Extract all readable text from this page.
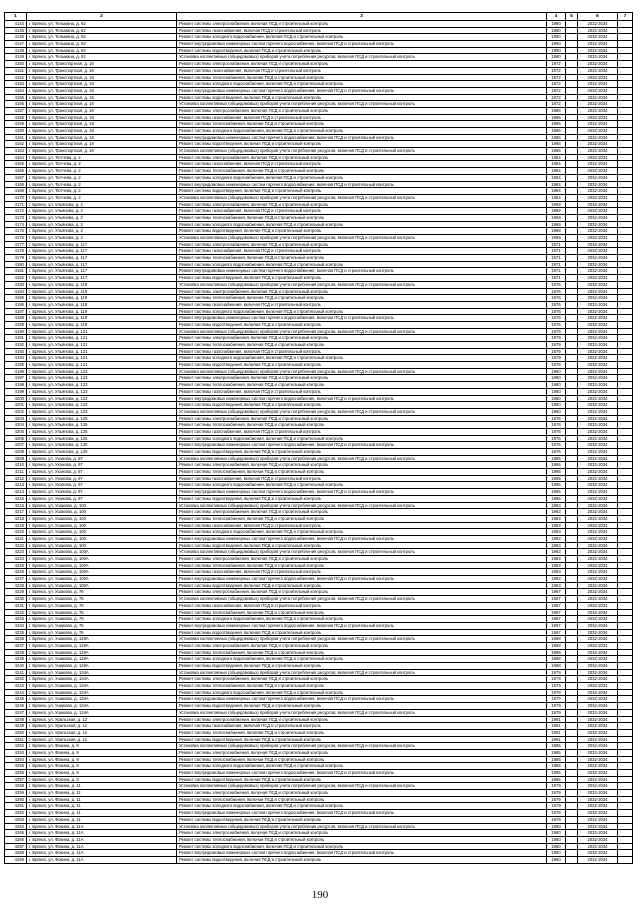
1	2	3	4	5	6	7
4144	г. Брянск, ул. Тельмана, д. 92	Ремонт системы электроснабжения, включая ПСД и строительный контроль	1990		2032-2034	
4145	г. Брянск, ул. Тельмана, д. 92	Ремонт системы газоснабжения, включая ПСД и строительный контроль	1990		2032-2034	
4146	г. Брянск, ул. Тельмана, д. 92	Ремонт системы холодного водоснабжения, включая ПСД и строительный контроль	1990		2032-2034	
4147	г. Брянск, ул. Тельмана, д. 92	Ремонт внутридомовых инженерных систем горячего водоснабжения, включая ПСД и строительный контроль	1990		2032-2034	
4148	г. Брянск, ул. Тельмана, д. 92	Ремонт системы водоотведения, включая ПСД и строительный контроль	1990		2032-2034	
4149	г. Брянск, ул. Тельмана, д. 92	Установка коллективных (общедомовых) приборов учета потребления ресурсов, включая ПСД и строительный контроль	1990		2032-2034	
4150	г. Брянск, ул. Транспортная, д. 16	Ремонт системы электроснабжения, включая ПСД и строительный контроль	1972		2032-2034	
4151	г. Брянск, ул. Транспортная, д. 16	Ремонт системы газоснабжения, включая ПСД и строительный контроль	1972		2032-2034	
4152	г. Брянск, ул. Транспортная, д. 16	Ремонт системы теплоснабжения, включая ПСД и строительный контроль	1972		2032-2034	
4153	г. Брянск, ул. Транспортная, д. 16	Ремонт системы холодного водоснабжения, включая ПСД и строительный контроль	1972		2032-2034	
4154	г. Брянск, ул. Транспортная, д. 16	Ремонт внутридомовых инженерных систем горячего водоснабжения, включая ПСД и строительный контроль	1972		2032-2034	
4155	г. Брянск, ул. Транспортная, д. 16	Ремонт системы водоотведения, включая ПСД и строительный контроль	1972		2032-2034	
4156	г. Брянск, ул. Транспортная, д. 16	Установка коллективных (общедомовых) приборов учета потребления ресурсов, включая ПСД и строительный контроль	1972		2032-2034	
4157	г. Брянск, ул. Транспортная, д. 18	Ремонт системы электроснабжения, включая ПСД и строительный контроль	1986		2032-2034	
4158	г. Брянск, ул. Транспортная, д. 18	Ремонт системы газоснабжения, включая ПСД и строительный контроль	1986		2032-2034	
4159	г. Брянск, ул. Транспортная, д. 18	Ремонт системы теплоснабжения, включая ПСД и строительный контроль	1986		2032-2034	
4160	г. Брянск, ул. Транспортная, д. 18	Ремонт системы холодного водоснабжения, включая ПСД и строительный контроль	1986		2032-2034	
4161	г. Брянск, ул. Транспортная, д. 18	Ремонт внутридомовых инженерных систем горячего водоснабжения, включая ПСД и строительный контроль	1986		2032-2034	
4162	г. Брянск, ул. Транспортная, д. 18	Ремонт системы водоотведения, включая ПСД и строительный контроль	1986		2032-2034	
4163	г. Брянск, ул. Транспортная, д. 18	Установка коллективных (общедомовых) приборов учета потребления ресурсов, включая ПСД и строительный контроль	1986		2032-2034	
4164	г. Брянск, ул. Тютчева, д. 2	Ремонт системы электроснабжения, включая ПСД и строительный контроль	1984		2032-2034	
4165	г. Брянск, ул. Тютчева, д. 2	Ремонт системы газоснабжения, включая ПСД и строительный контроль	1984		2032-2034	
4166	г. Брянск, ул. Тютчева, д. 2	Ремонт системы теплоснабжения, включая ПСД и строительный контроль	1984		2032-2034	
4167	г. Брянск, ул. Тютчева, д. 2	Ремонт системы холодного водоснабжения, включая ПСД и строительный контроль	1984		2032-2034	
4168	г. Брянск, ул. Тютчева, д. 2	Ремонт внутридомовых инженерных систем горячего водоснабжения, включая ПСД и строительный контроль	1984		2032-2034	
4169	г. Брянск, ул. Тютчева, д. 2	Ремонт системы водоотведения, включая ПСД и строительный контроль	1984		2032-2034	
4170	г. Брянск, ул. Тютчева, д. 2	Установка коллективных (общедомовых) приборов учета потребления ресурсов, включая ПСД и строительный контроль	1984		2032-2034	
4171	г. Брянск, ул. Ульянова, д. 2	Ремонт системы электроснабжения, включая ПСД и строительный контроль	1969		2032-2034	
4172	г. Брянск, ул. Ульянова, д. 2	Ремонт системы газоснабжения, включая ПСД и строительный контроль	1969		2032-2034	
4173	г. Брянск, ул. Ульянова, д. 2	Ремонт системы теплоснабжения, включая ПСД и строительный контроль	1969		2032-2034	
4174	г. Брянск, ул. Ульянова, д. 2	Ремонт системы холодного водоснабжения, включая ПСД и строительный контроль	1969		2032-2034	
4175	г. Брянск, ул. Ульянова, д. 2	Ремонт системы водоотведения, включая ПСД и строительный контроль	1969		2032-2034	
4176	г. Брянск, ул. Ульянова, д. 2	Установка коллективных (общедомовых) приборов учета потребления ресурсов, включая ПСД и строительный контроль	1969		2032-2034	
4177	г. Брянск, ул. Ульянова, д. 117	Ремонт системы электроснабжения, включая ПСД и строительный контроль	1971		2032-2034	
4178	г. Брянск, ул. Ульянова, д. 117	Ремонт системы газоснабжения, включая ПСД и строительный контроль	1971		2032-2034	
4179	г. Брянск, ул. Ульянова, д. 117	Ремонт системы теплоснабжения, включая ПСД и строительный контроль	1971		2032-2034	
4180	г. Брянск, ул. Ульянова, д. 117	Ремонт системы холодного водоснабжения, включая ПСД и строительный контроль	1971		2032-2034	
4181	г. Брянск, ул. Ульянова, д. 117	Ремонт внутридомовых инженерных систем горячего водоснабжения, включая ПСД и строительный контроль	1971		2032-2034	
4182	г. Брянск, ул. Ульянова, д. 117	Ремонт системы водоотведения, включая ПСД и строительный контроль	1971		2032-2034	
4183	г. Брянск, ул. Ульянова, д. 119	Установка коллективных (общедомовых) приборов учета потребления ресурсов, включая ПСД и строительный контроль	1976		2032-2034	
4184	г. Брянск, ул. Ульянова, д. 119	Ремонт системы электроснабжения, включая ПСД и строительный контроль	1976		2032-2034	
4185	г. Брянск, ул. Ульянова, д. 119	Ремонт системы теплоснабжения, включая ПСД и строительный контроль	1976		2032-2034	
4186	г. Брянск, ул. Ульянова, д. 119	Ремонт системы газоснабжения, включая ПСД и строительный контроль	1976		2032-2034	
4187	г. Брянск, ул. Ульянова, д. 119	Ремонт системы холодного водоснабжения, включая ПСД и строительный контроль	1976		2032-2034	
4188	г. Брянск, ул. Ульянова, д. 119	Ремонт внутридомовых инженерных систем горячего водоснабжения, включая ПСД и строительный контроль	1976		2032-2034	
4189	г. Брянск, ул. Ульянова, д. 119	Ремонт системы водоотведения, включая ПСД и строительный контроль	1976		2032-2034	
4190	г. Брянск, ул. Ульянова, д. 121	Установка коллективных (общедомовых) приборов учета потребления ресурсов, включая ПСД и строительный контроль	1979		2032-2034	
4191	г. Брянск, ул. Ульянова, д. 121	Ремонт системы электроснабжения, включая ПСД и строительный контроль	1979		2032-2034	
4192	г. Брянск, ул. Ульянова, д. 121	Ремонт системы теплоснабжения, включая ПСД и строительный контроль	1979		2032-2034	
4193	г. Брянск, ул. Ульянова, д. 121	Ремонт системы газоснабжения, включая ПСД и строительный контроль	1979		2032-2034	
4194	г. Брянск, ул. Ульянова, д. 121	Ремонт системы холодного водоснабжения, включая ПСД и строительный контроль	1979		2032-2034	
4195	г. Брянск, ул. Ульянова, д. 121	Ремонт системы водоотведения, включая ПСД и строительный контроль	1979		2032-2034	
4196	г. Брянск, ул. Ульянова, д. 123	Установка коллективных (общедомовых) приборов учета потребления ресурсов, включая ПСД и строительный контроль	1980		2032-2034	
4197	г. Брянск, ул. Ульянова, д. 123	Ремонт системы электроснабжения, включая ПСД и строительный контроль	1980		2032-2034	
4198	г. Брянск, ул. Ульянова, д. 123	Ремонт системы теплоснабжения, включая ПСД и строительный контроль	1980		2032-2034	
4199	г. Брянск, ул. Ульянова, д. 123	Ремонт системы газоснабжения, включая ПСД и строительный контроль	1980		2032-2034	
4200	г. Брянск, ул. Ульянова, д. 123	Ремонт внутридомовых инженерных систем горячего водоснабжения, включая ПСД и строительный контроль	1980		2032-2034	
4201	г. Брянск, ул. Ульянова, д. 123	Ремонт системы водоотведения, включая ПСД и строительный контроль	1980		2032-2034	
4202	г. Брянск, ул. Ульянова, д. 123	Установка коллективных (общедомовых) приборов учета потребления ресурсов, включая ПСД и строительный контроль	1980		2032-2034	
4203	г. Брянск, ул. Ульянова, д. 125	Ремонт системы электроснабжения, включая ПСД и строительный контроль	1976		2032-2034	
4204	г. Брянск, ул. Ульянова, д. 125	Ремонт системы теплоснабжения, включая ПСД и строительный контроль	1976		2032-2034	
4205	г. Брянск, ул. Ульянова, д. 125	Ремонт системы газоснабжения, включая ПСД и строительный контроль	1976		2032-2034	
4206	г. Брянск, ул. Ульянова, д. 125	Ремонт системы холодного водоснабжения, включая ПСД и строительный контроль	1976		2032-2034	
4207	г. Брянск, ул. Ульянова, д. 125	Ремонт внутридомовых инженерных систем горячего водоснабжения, включая ПСД и строительный контроль	1976		2032-2034	
4208	г. Брянск, ул. Ульянова, д. 125	Ремонт системы водоотведения, включая ПСД и строительный контроль	1976		2032-2034	
4209	г. Брянск, ул. Уханова, д. 97	Установка коллективных (общедомовых) приборов учета потребления ресурсов, включая ПСД и строительный контроль	1995		2032-2034	
4210	г. Брянск, ул. Уханова, д. 97	Ремонт системы электроснабжения, включая ПСД и строительный контроль	1995		2032-2034	
4211	г. Брянск, ул. Уханова, д. 97	Ремонт системы теплоснабжения, включая ПСД и строительный контроль	1995		2032-2034	
4212	г. Брянск, ул. Уханова, д. 97	Ремонт системы газоснабжения, включая ПСД и строительный контроль	1995		2032-2034	
4213	г. Брянск, ул. Уханова, д. 97	Ремонт системы холодного водоснабжения, включая ПСД и строительный контроль	1995		2032-2034	
4214	г. Брянск, ул. Уханова, д. 97	Ремонт внутридомовых инженерных систем горячего водоснабжения, включая ПСД и строительный контроль	1995		2032-2034	
4215	г. Брянск, ул. Уханова, д. 97	Ремонт системы водоотведения, включая ПСД и строительный контроль	1995		2032-2034	
4216	г. Брянск, ул. Ушакова, д. 100	Установка коллективных (общедомовых) приборов учета потребления ресурсов, включая ПСД и строительный контроль	1983		2032-2034	
4217	г. Брянск, ул. Ушакова, д. 100	Ремонт системы электроснабжения, включая ПСД и строительный контроль	1983		2032-2034	
4218	г. Брянск, ул. Ушакова, д. 100	Ремонт системы теплоснабжения, включая ПСД и строительный контроль	1983		2032-2034	
4219	г. Брянск, ул. Ушакова, д. 100	Ремонт системы газоснабжения, включая ПСД и строительный контроль	1983		2032-2034	
4220	г. Брянск, ул. Ушакова, д. 100	Ремонт системы холодного водоснабжения, включая ПСД и строительный контроль	1983		2032-2034	
4221	г. Брянск, ул. Ушакова, д. 100	Ремонт внутридомовых инженерных систем горячего водоснабжения, включая ПСД и строительный контроль	1983		2032-2034	
4222	г. Брянск, ул. Ушакова, д. 100	Ремонт системы водоотведения, включая ПСД и строительный контроль	1983		2032-2034	
4223	г. Брянск, ул. Ушакова, д. 100А	Установка коллективных (общедомовых) приборов учета потребления ресурсов, включая ПСД и строительный контроль	1983		2032-2034	
4224	г. Брянск, ул. Ушакова, д. 100А	Ремонт системы электроснабжения, включая ПСД и строительный контроль	1983		2032-2034	
4225	г. Брянск, ул. Ушакова, д. 100А	Ремонт системы теплоснабжения, включая ПСД и строительный контроль	1983		2032-2034	
4226	г. Брянск, ул. Ушакова, д. 100А	Ремонт системы газоснабжения, включая ПСД и строительный контроль	1983		2032-2034	
4227	г. Брянск, ул. Ушакова, д. 100А	Ремонт внутридомовых инженерных систем горячего водоснабжения, включая ПСД и строительный контроль	1983		2032-2034	
4228	г. Брянск, ул. Ушакова, д. 100А	Ремонт системы водоотведения, включая ПСД и строительный контроль	1983		2032-2034	
4229	г. Брянск, ул. Ушакова, д. 76	Ремонт системы электроснабжения, включая ПСД и строительный контроль	1987		2032-2034	
4230	г. Брянск, ул. Ушакова, д. 76	Установка коллективных (общедомовых) приборов учета потребления ресурсов, включая ПСД и строительный контроль	1987		2032-2034	
4231	г. Брянск, ул. Ушакова, д. 76	Ремонт системы газоснабжения, включая ПСД и строительный контроль	1987		2032-2034	
4232	г. Брянск, ул. Ушакова, д. 76	Ремонт системы теплоснабжения, включая ПСД и строительный контроль	1987		2032-2034	
4233	г. Брянск, ул. Ушакова, д. 76	Ремонт системы холодного водоснабжения, включая ПСД и строительный контроль	1987		2032-2034	
4234	г. Брянск, ул. Ушакова, д. 76	Ремонт внутридомовых инженерных систем горячего водоснабжения, включая ПСД и строительный контроль	1987		2032-2034	
4235	г. Брянск, ул. Ушакова, д. 76	Ремонт системы водоотведения, включая ПСД и строительный контроль	1987		2032-2034	
4236	г. Брянск, ул. Ушакова, д. 128А	Установка коллективных (общедомовых) приборов учета потребления ресурсов, включая ПСД и строительный контроль	1988		2032-2034	
4237	г. Брянск, ул. Ушакова, д. 128А	Ремонт системы электроснабжения, включая ПСД и строительный контроль	1988		2032-2034	
4238	г. Брянск, ул. Ушакова, д. 128А	Ремонт системы теплоснабжения, включая ПСД и строительный контроль	1988		2032-2034	
4239	г. Брянск, ул. Ушакова, д. 128А	Ремонт системы холодного водоснабжения, включая ПСД и строительный контроль	1988		2032-2034	
4240	г. Брянск, ул. Ушакова, д. 128А	Ремонт системы водоотведения, включая ПСД и строительный контроль	1988		2032-2034	
4241	г. Брянск, ул. Ушакова, д. 134А	Установка коллективных (общедомовых) приборов учета потребления ресурсов, включая ПСД и строительный контроль	1979		2032-2034	
4242	г. Брянск, ул. Ушакова, д. 134А	Ремонт системы электроснабжения, включая ПСД и строительный контроль	1979		2032-2034	
4243	г. Брянск, ул. Ушакова, д. 134А	Ремонт системы теплоснабжения, включая ПСД и строительный контроль	1979		2032-2034	
4244	г. Брянск, ул. Ушакова, д. 134А	Ремонт системы холодного водоснабжения, включая ПСД и строительный контроль	1979		2032-2034	
4245	г. Брянск, ул. Ушакова, д. 134А	Ремонт внутридомовых инженерных систем горячего водоснабжения, включая ПСД и строительный контроль	1979		2032-2034	
4246	г. Брянск, ул. Ушакова, д. 134А	Ремонт системы водоотведения, включая ПСД и строительный контроль	1979		2032-2034	
4247	г. Брянск, ул. Ушакова, д. 134А	Установка коллективных (общедомовых) приборов учета потребления ресурсов, включая ПСД и строительный контроль	1979		2032-2034	
4248	г. Брянск, ул. Уральская, д. 12	Ремонт системы электроснабжения, включая ПСД и строительный контроль	1991		2032-2034	
4249	г. Брянск, ул. Уральская, д. 12	Ремонт системы газоснабжения, включая ПСД и строительный контроль	1991		2032-2034	
4250	г. Брянск, ул. Уральская, д. 12	Ремонт системы теплоснабжения, включая ПСД и строительный контроль	1991		2032-2034	
4251	г. Брянск, ул. Уральская, д. 12	Ремонт системы водоотведения, включая ПСД и строительный контроль	1991		2032-2034	
4252	г. Брянск, ул. Фокина, д. 9	Установка коллективных (общедомовых) приборов учета потребления ресурсов, включая ПСД и строительный контроль	1985		2032-2034	
4253	г. Брянск, ул. Фокина, д. 9	Ремонт системы электроснабжения, включая ПСД и строительный контроль	1985		2032-2034	
4254	г. Брянск, ул. Фокина, д. 9	Ремонт системы теплоснабжения, включая ПСД и строительный контроль	1985		2032-2034	
4255	г. Брянск, ул. Фокина, д. 9	Ремонт системы холодного водоснабжения, включая ПСД и строительный контроль	1985		2032-2034	
4256	г. Брянск, ул. Фокина, д. 9	Ремонт внутридомовых инженерных систем горячего водоснабжения, включая ПСД и строительный контроль	1985		2032-2034	
4257	г. Брянск, ул. Фокина, д. 9	Ремонт системы водоотведения, включая ПСД и строительный контроль	1985		2032-2034	
4258	г. Брянск, ул. Фокина, д. 11	Установка коллективных (общедомовых) приборов учета потребления ресурсов, включая ПСД и строительный контроль	1979		2032-2034	
4259	г. Брянск, ул. Фокина, д. 11	Ремонт системы электроснабжения, включая ПСД и строительный контроль	1979		2032-2034	
4260	г. Брянск, ул. Фокина, д. 11	Ремонт системы теплоснабжения, включая ПСД и строительный контроль	1979		2032-2034	
4261	г. Брянск, ул. Фокина, д. 11	Ремонт системы холодного водоснабжения, включая ПСД и строительный контроль	1979		2032-2034	
4262	г. Брянск, ул. Фокина, д. 11	Ремонт внутридомовых инженерных систем горячего водоснабжения, включая ПСД и строительный контроль	1979		2032-2034	
4263	г. Брянск, ул. Фокина, д. 11	Ремонт системы водоотведения, включая ПСД и строительный контроль	1979		2032-2034	
4264	г. Брянск, ул. Фокина, д. 11А	Установка коллективных (общедомовых) приборов учета потребления ресурсов, включая ПСД и строительный контроль	1980		2032-2034	
4265	г. Брянск, ул. Фокина, д. 11А	Ремонт системы электроснабжения, включая ПСД и строительный контроль	1980		2032-2034	
4266	г. Брянск, ул. Фокина, д. 11А	Ремонт системы теплоснабжения, включая ПСД и строительный контроль	1980		2032-2034	
4267	г. Брянск, ул. Фокина, д. 11А	Ремонт системы холодного водоснабжения, включая ПСД и строительный контроль	1980		2032-2034	
4268	г. Брянск, ул. Фокина, д. 11А	Ремонт внутридомовых инженерных систем горячего водоснабжения, включая ПСД и строительный контроль	1980		2032-2034	
4269	г. Брянск, ул. Фокина, д. 11А	Ремонт системы водоотведения, включая ПСД и строительный контроль	1980		2032-2034	
190
